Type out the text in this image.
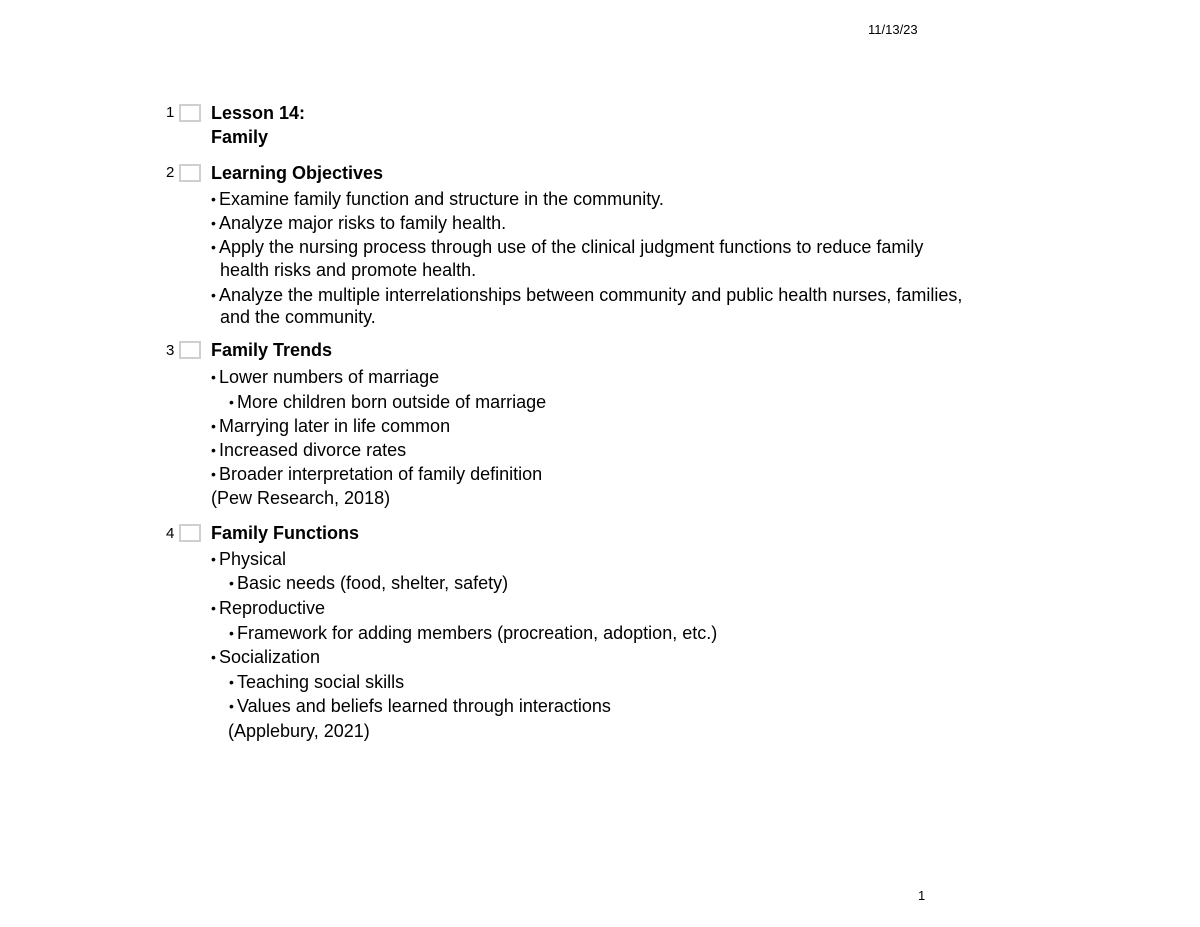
11/13/23
1 Lesson 14:
Family
2 Learning Objectives
• Examine family function and structure in the community.
• Analyze major risks to family health.
• Apply the nursing process through use of the clinical judgment functions to reduce family
health risks and promote health.
• Analyze the multiple interrelationships between community and public health nurses, families,
and the community.
3 Family Trends
• Lower numbers of marriage
• More children born outside of marriage
• Marrying later in life common
• Increased divorce rates
• Broader interpretation of family definition
(Pew Research, 2018)
4 Family Functions
• Physical
• Basic needs (food, shelter, safety)
• Reproductive
• Framework for adding members (procreation, adoption, etc.)
• Socialization
• Teaching social skills
• Values and beliefs learned through interactions
(Applebury, 2021)
1
